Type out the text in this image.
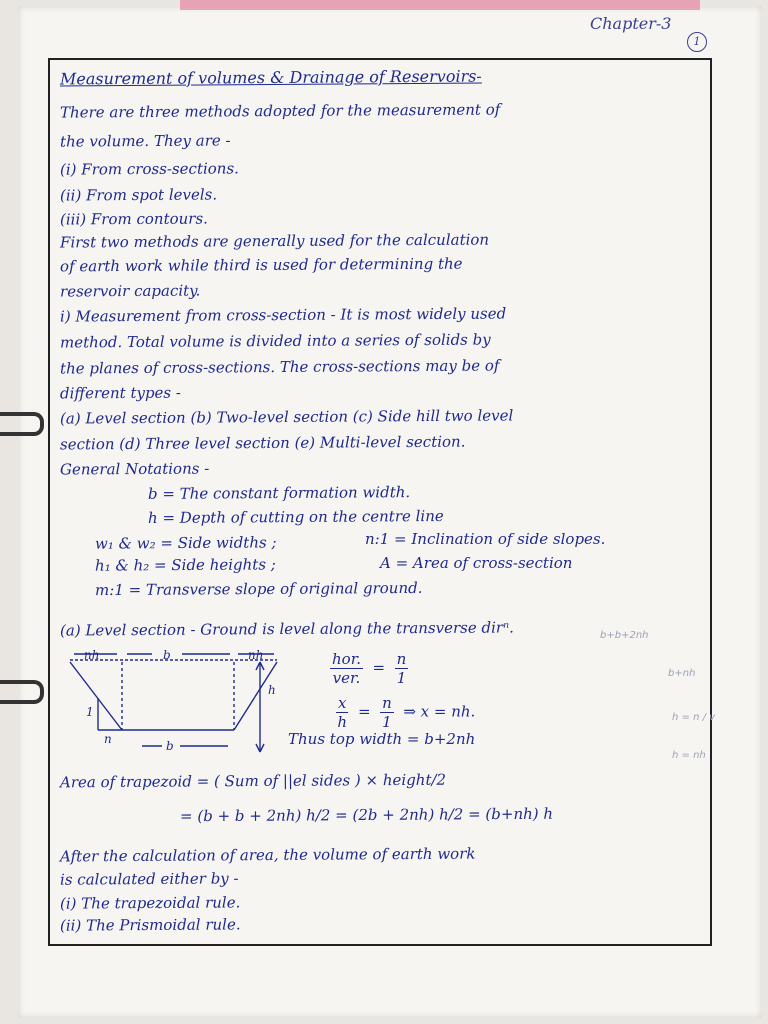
Chapter-3
1
Measurement of volumes & Drainage of Reservoirs-
There are three methods adopted for the measurement of
the volume. They are -
(i) From cross-sections.
(ii) From spot levels.
(iii) From contours.
First two methods are generally used for the calculation
of earth work while third is used for determining the
reservoir capacity.
i) Measurement from cross-section - It is most widely used
method. Total volume is divided into a series of solids by
the planes of cross-sections. The cross-sections may be of
different types -
(a) Level section (b) Two-level section (c) Side hill two level
section (d) Three level section (e) Multi-level section.
General Notations -
b = The constant formation width.
h = Depth of cutting on the centre line
w₁ & w₂ = Side widths ;	n:1 = Inclination of side slopes.
h₁ & h₂ = Side heights ;	A = Area of cross-section
m:1 = Transverse slope of original ground.
(a) Level section - Ground is level along the transverse dirⁿ.
nh	b	nh
h
1
n	b
$\frac{\text{hor.}}{\text{ver.}} = \frac{n}{1}$
$\frac{x}{h} = \frac{n}{1}$ ⇒ x = nh.
Thus top width = b+2nh
Area of trapezoid = ( Sum of ||el sides ) × height/2
= (b + b + 2nh) h/2 = (2b + 2nh) h/2 = (b+nh) h
After the calculation of area, the volume of earth work
is calculated either by -
(i) The trapezoidal rule.
(ii) The Prismoidal rule.
b+b+2nh
b+nh
h = n / v
h = nh
